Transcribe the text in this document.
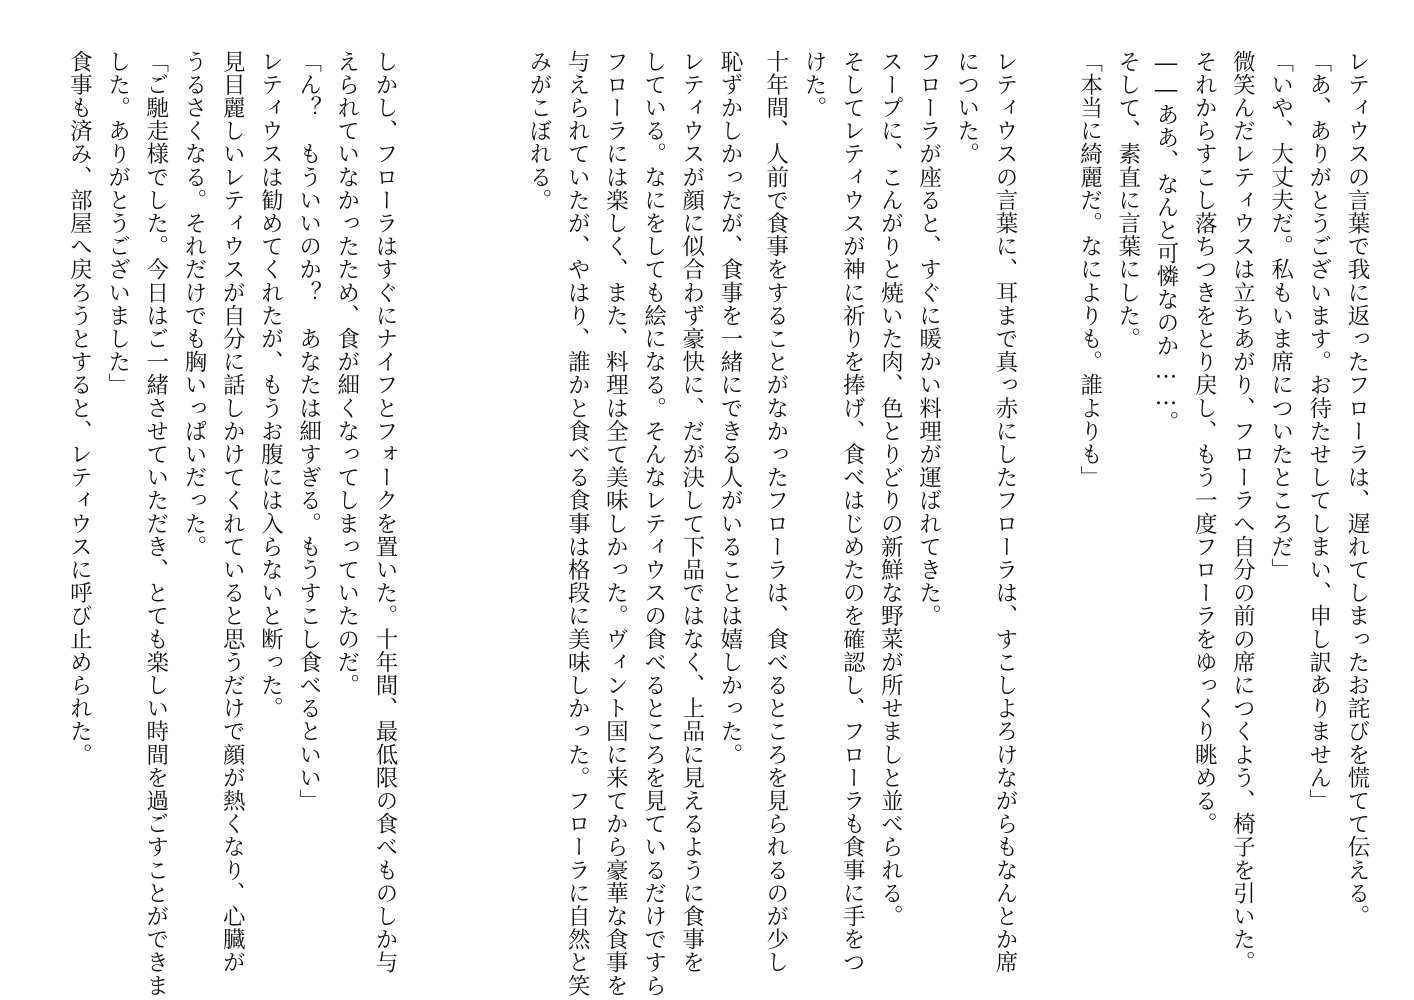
レティウスの言葉で我に返ったフローラは、遅れてしまったお詫びを慌てて伝える。
「あ、ありがとうございます。お待たせしてしまい、申し訳ありません」
「いや、大丈夫だ。私もいま席についたところだ」
微笑んだレティウスは立ちあがり、フローラへ自分の前の席につくよう、椅子を引いた。
それからすこし落ちつきをとり戻し、もう一度フローラをゆっくり眺める。
――ああ、なんと可憐なのか……。
そして、素直に言葉にした。
「本当に綺麗だ。なによりも。誰よりも」
レティウスの言葉に、耳まで真っ赤にしたフローラは、すこしよろけながらもなんとか席
についた。
フローラが座ると、すぐに暖かい料理が運ばれてきた。
スープに、こんがりと焼いた肉、色とりどりの新鮮な野菜が所せましと並べられる。
そしてレティウスが神に祈りを捧げ、食べはじめたのを確認し、フローラも食事に手をつ
けた。
十年間、人前で食事をすることがなかったフローラは、食べるところを見られるのが少し
恥ずかしかったが、食事を一緒にできる人がいることは嬉しかった。
レティウスが顔に似合わず豪快に、だが決して下品ではなく、上品に見えるように食事を
している。なにをしても絵になる。そんなレティウスの食べるところを見ているだけですら
フローラには楽しく、また、料理は全て美味しかった。ヴィント国に来てから豪華な食事を
与えられていたが、やはり、誰かと食べる食事は格段に美味しかった。フローラに自然と笑
みがこぼれる。
しかし、フローラはすぐにナイフとフォークを置いた。十年間、最低限の食べものしか与
えられていなかったため、食が細くなってしまっていたのだ。
「ん？　もういいのか？　あなたは細すぎる。もうすこし食べるといい」
レティウスは勧めてくれたが、もうお腹には入らないと断った。
見目麗しいレティウスが自分に話しかけてくれていると思うだけで顔が熱くなり、心臓が
うるさくなる。それだけでも胸いっぱいだった。
「ご馳走様でした。今日はご一緒させていただき、とても楽しい時間を過ごすことができま
した。ありがとうございました」
食事も済み、部屋へ戻ろうとすると、レティウスに呼び止められた。
